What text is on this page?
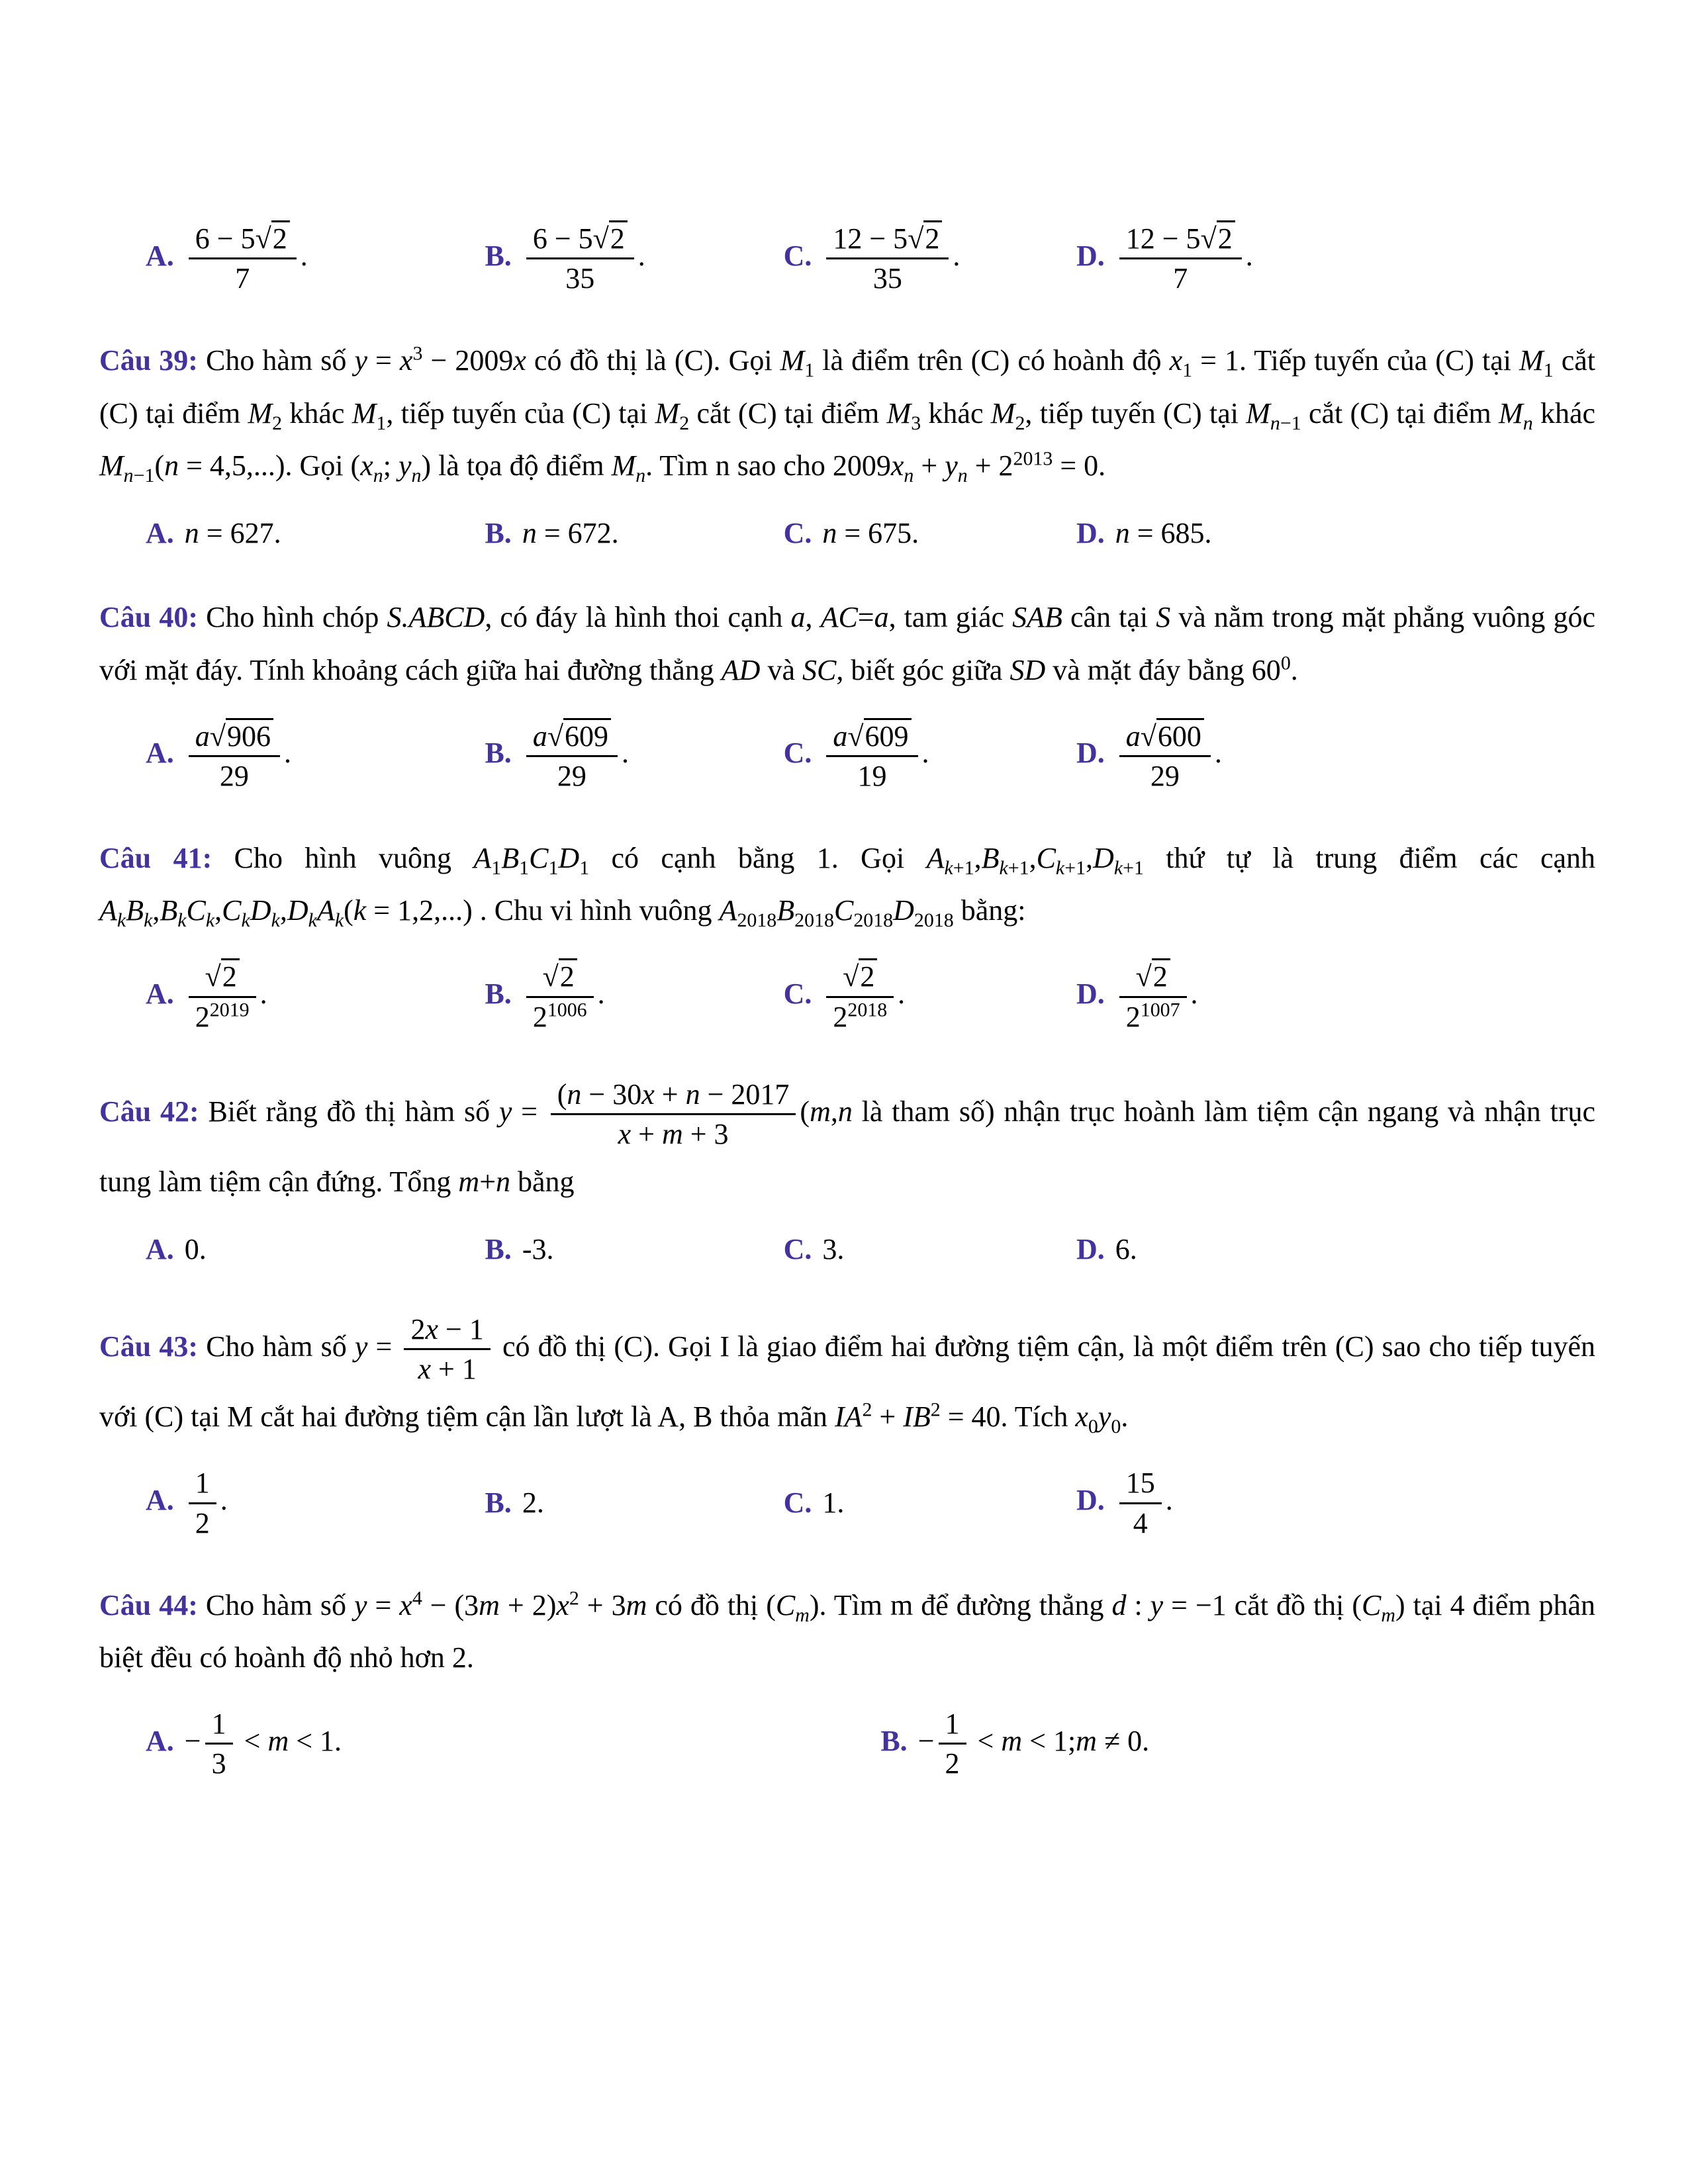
A. $\frac{6 - 5√2}{7}$ .	B. $\frac{6 - 5√2}{35}$ .	C. $\frac{12 - 5√2}{35}$ .	D. $\frac{12 - 5√2}{7}$ .

Câu 39: Cho hàm số $y = x^3 - 2009x$ có đồ thị là (C). Gọi $M_1$ là điểm trên (C) có hoành độ $x_1 = 1$. Tiếp tuyến của (C) tại $M_1$ cắt (C) tại điểm $M_2$ khác $M_1$, tiếp tuyến của (C) tại $M_2$ cắt (C) tại điểm $M_3$ khác $M_2$, tiếp tuyến (C) tại $M_{n-1}$ cắt (C) tại điểm $M_n$ khác $M_{n-1}(n = 4,5,...)$. Gọi ($x_n$; $y_n$) là tọa độ điểm $M_n$. Tìm n sao cho $2009x_n + y_n + 2^{2013} = 0$.

A. n = 627.	B. n = 672.	C. n = 675.	D. n = 685.

Câu 40: Cho hình chóp S.ABCD, có đáy là hình thoi cạnh a, AC=a, tam giác SAB cân tại S và nằm trong mặt phẳng vuông góc với mặt đáy. Tính khoảng cách giữa hai đường thẳng AD và SC, biết góc giữa SD và mặt đáy bằng $60^0$.

A. $\frac{a√906}{29}$ .	B. $\frac{a√609}{29}$ .	C. $\frac{a√609}{19}$ .	D. $\frac{a√600}{29}$ .

Câu 41: Cho hình vuông $A_1B_1C_1D_1$ có cạnh bằng 1. Gọi $A_{k+1},B_{k+1},C_{k+1},D_{k+1}$ thứ tự là trung điểm các cạnh $A_kB_k,B_kC_k,C_kD_k,D_kA_k(k = 1,2,...)$ . Chu vi hình vuông $A_{2018}B_{2018}C_{2018}D_{2018}$ bằng:

A. $\frac{√2}{2^{2019}}$ .	B. $\frac{√2}{2^{1006}}$ .	C. $\frac{√2}{2^{2018}}$ .	D. $\frac{√2}{2^{1007}}$ .

Câu 42: Biết rằng đồ thị hàm số $y = \frac{(n - 30x + n - 2017}{x + m + 3} (m,n$ là tham số) nhận trục hoành làm tiệm cận ngang và nhận trục tung làm tiệm cận đứng. Tổng m+n bằng

A. 0.	B. -3.	C. 3.	D. 6.

Câu 43: Cho hàm số $y = \frac{2x - 1}{x + 1}$ có đồ thị (C). Gọi I là giao điểm hai đường tiệm cận, là một điểm trên (C) sao cho tiếp tuyến với (C) tại M cắt hai đường tiệm cận lần lượt là A, B thỏa mãn $IA^2 + IB^2 = 40$. Tích $x_0y_0$.

A. $\frac{1}{2}$ .	B. 2.	C. 1.	D. $\frac{15}{4}$ .

Câu 44: Cho hàm số $y = x^4 - (3m + 2)x^2 + 3m$ có đồ thị $(C_m)$. Tìm m để đường thẳng d : y = −1 cắt đồ thị $(C_m)$ tại 4 điểm phân biệt đều có hoành độ nhỏ hơn 2.

A. − $\frac{1}{3} < m < 1$.	B. − $\frac{1}{2} < m$ < 1;m ≠ 0.
